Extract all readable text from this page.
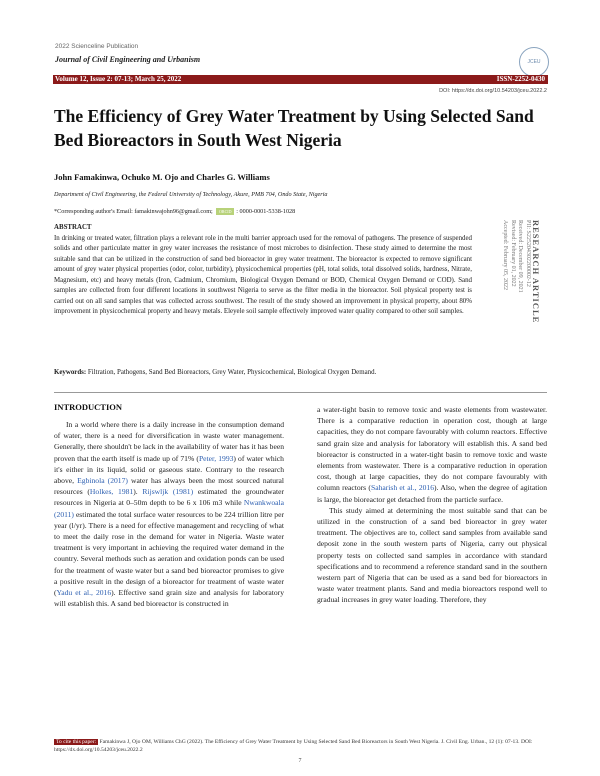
2022 Scienceline Publication
Journal of Civil Engineering and Urbanism	JCEU
Volume 12, Issue 2: 07-13; March 25, 2022	ISSN-2252-0430
DOI: https://dx.doi.org/10.54203/jceu.2022.2
The Efficiency of Grey Water Treatment by Using Selected Sand Bed Bioreactors in South West Nigeria
John Famakinwa, Ochuko M. Ojo and Charles G. Williams
Department of Civil Engineering, the Federal University of Technology, Akure, PMB 704, Ondo State, Nigeria
*Corresponding author's Email: famakinwajohn96@gmail.com; ORCID : 0000-0001-5338-1028
RESEARCH ARTICLE
PII: S225204302200002-12
Received: December 09, 2021
Revised: February 01, 2022
Accepted: February 05, 2022
ABSTRACT
In drinking or treated water, filtration plays a relevant role in the multi barrier approach used for the removal of pathogens. The presence of suspended solids and other particulate matter in grey water increases the resistance of most microbes to disinfection. These study aimed to determine the most suitable sand that can be utilized in the construction of sand bed bioreactor in grey water treatment. The bioreactor is expected to remove significant amount of grey water physical properties (odor, color, turbidity), physicochemical properties (pH, total solids, total dissolved solids, hardness, Nitrate, Magnesium, etc) and heavy metals (Iron, Cadmium, Chromium, Biological Oxygen Demand or BOD, Chemical Oxygen Demand or COD). Sand samples are collected from four different locations in southwest Nigeria to serve as the filter media in the bioreactor. Soil physical property test is carried out on all sand samples that was collected across southwest. The result of the study showed an improvement in physical property, about 80% improvement in physicochemical property and heavy metals. Eleyele soil sample effectively improved water quality compared to other soil samples.
Keywords: Filtration, Pathogens, Sand Bed Bioreactors, Grey Water, Physicochemical, Biological Oxygen Demand.
INTRODUCTION
In a world where there is a daily increase in the consumption demand of water, there is a need for diversification in waste water management. Generally, there shouldn't be lack in the availability of water has it has been proven that the earth itself is made up of 71% (Peter, 1993) of water which it's either in its liquid, solid or gaseous state. Contrary to the research above, Egbinola (2017) water has always been the most sourced natural resources (Holkes, 1981). Rijswljk (1981) estimated the groundwater resources in Nigeria at 0–50m depth to be 6 x 106 m3 while Nwankwoala (2011) estimated the total surface water resources to be 224 trillion litre per year (l/yr). There is a need for effective management and recycling of what to meet the daily rose in the demand for water in Nigeria. Waste water treatment is very important in achieving the required water demand in the country. Several methods such as aeration and oxidation ponds can be used for the treatment of waste water but a sand bed bioreactor promises to give a positive result in the design of a bioreactor for treatment of waste water (Yadu et al., 2016). Effective sand grain size and analysis for laboratory will establish this. A sand bed bioreactor is constructed in
a water-tight basin to remove toxic and waste elements from wastewater. There is a comparative reduction in operation cost, though at large capacities, they do not compare favourably with column reactors. Effective sand grain size and analysis for laboratory will establish this. A sand bed bioreactor is constructed in a water-tight basin to remove toxic and waste elements from wastewater. There is a comparative reduction in operation cost, though at large capacities, they do not compare favourably with column reactors (Saharish et al., 2016). Also, when the degree of agitation is large, the bioreactor get detached from the particle surface.
This study aimed at determining the most suitable sand that can be utilized in the construction of a sand bed bioreactor in grey water treatment. The objectives are to, collect sand samples from available sand deposit zone in the south western parts of Nigeria, carry out physical property tests on collected sand samples in accordance with standard specifications and to recommend a reference standard sand in the southern western part of Nigeria that can be used as a sand bed for bioreactors in waste water treatment plants. Sand and media bioreactors respond well to gradual increases in grey water loading. Therefore, they
To cite this paper: Famakinwa J, Ojo OM, Williams ChG (2022). The Efficiency of Grey Water Treatment by Using Selected Sand Bed Bioreactors in South West Nigeria. J. Civil Eng. Urban., 12 (1): 07-13. DOI: https://dx.doi.org/10.54203/jceu.2022.2
7
